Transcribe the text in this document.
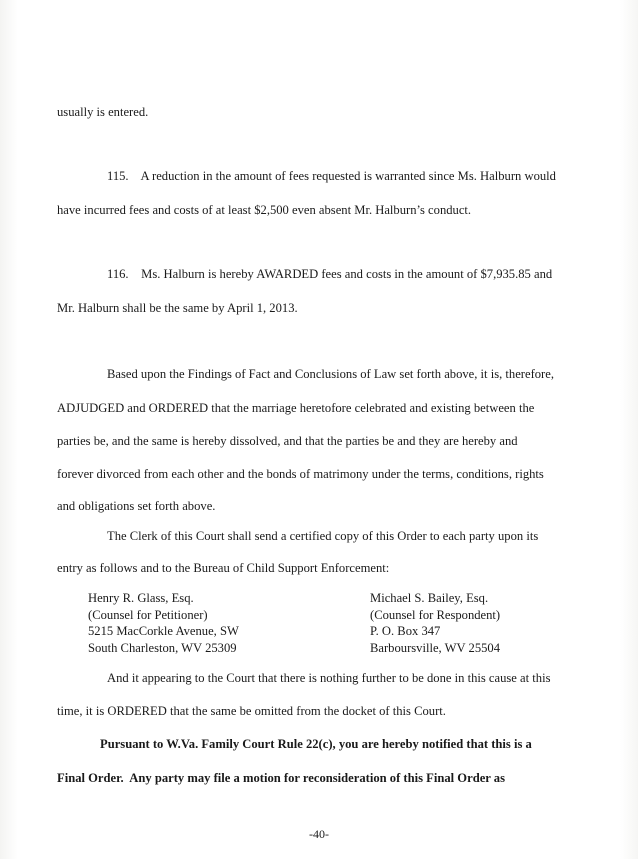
usually is entered.
115.    A reduction in the amount of fees requested is warranted since Ms. Halburn would
have incurred fees and costs of at least $2,500 even absent Mr. Halburn’s conduct.
116.    Ms. Halburn is hereby AWARDED fees and costs in the amount of $7,935.85 and
Mr. Halburn shall be the same by April 1, 2013.
Based upon the Findings of Fact and Conclusions of Law set forth above, it is, therefore,
ADJUDGED and ORDERED that the marriage heretofore celebrated and existing between the
parties be, and the same is hereby dissolved, and that the parties be and they are hereby and
forever divorced from each other and the bonds of matrimony under the terms, conditions, rights
and obligations set forth above.
The Clerk of this Court shall send a certified copy of this Order to each party upon its
entry as follows and to the Bureau of Child Support Enforcement:
Henry R. Glass, Esq.
(Counsel for Petitioner)
5215 MacCorkle Avenue, SW
South Charleston, WV 25309
Michael S. Bailey, Esq.
(Counsel for Respondent)
P. O. Box 347
Barboursville, WV 25504
And it appearing to the Court that there is nothing further to be done in this cause at this
time, it is ORDERED that the same be omitted from the docket of this Court.
Pursuant to W.Va. Family Court Rule 22(c), you are hereby notified that this is a
Final Order.  Any party may file a motion for reconsideration of this Final Order as
-40-
